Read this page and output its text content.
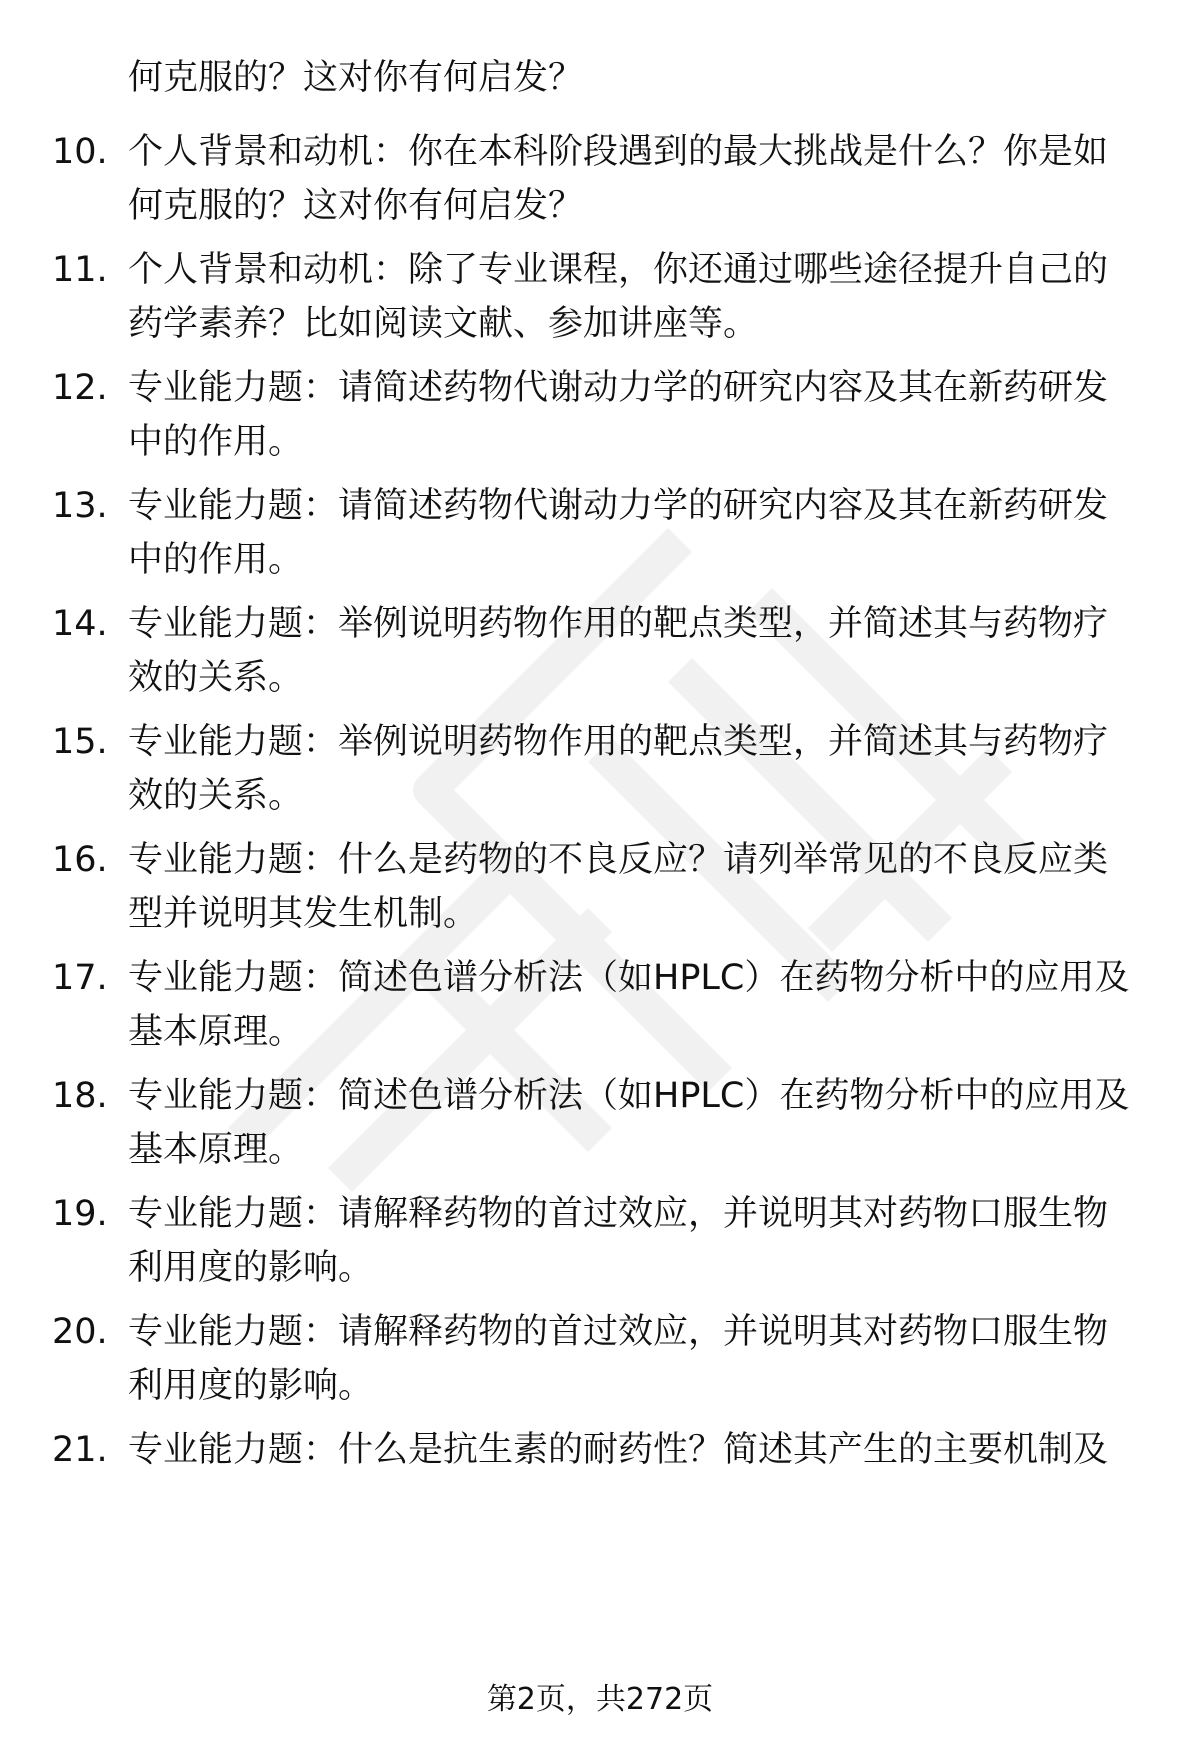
何克服的？这对你有何启发？
10. 个人背景和动机：你在本科阶段遇到的最大挑战是什么？你是如
何克服的？这对你有何启发？
11. 个人背景和动机：除了专业课程，你还通过哪些途径提升自己的
药学素养？比如阅读文献、参加讲座等。
12. 专业能力题：请简述药物代谢动力学的研究内容及其在新药研发
中的作用。
13. 专业能力题：请简述药物代谢动力学的研究内容及其在新药研发
中的作用。
14. 专业能力题：举例说明药物作用的靶点类型，并简述其与药物疗
效的关系。
15. 专业能力题：举例说明药物作用的靶点类型，并简述其与药物疗
效的关系。
16. 专业能力题：什么是药物的不良反应？请列举常见的不良反应类
型并说明其发生机制。
17. 专业能力题：简述色谱分析法（如HPLC）在药物分析中的应用及
基本原理。
18. 专业能力题：简述色谱分析法（如HPLC）在药物分析中的应用及
基本原理。
19. 专业能力题：请解释药物的首过效应，并说明其对药物口服生物
利用度的影响。
20. 专业能力题：请解释药物的首过效应，并说明其对药物口服生物
利用度的影响。
21. 专业能力题：什么是抗生素的耐药性？简述其产生的主要机制及
第2页，共272页
